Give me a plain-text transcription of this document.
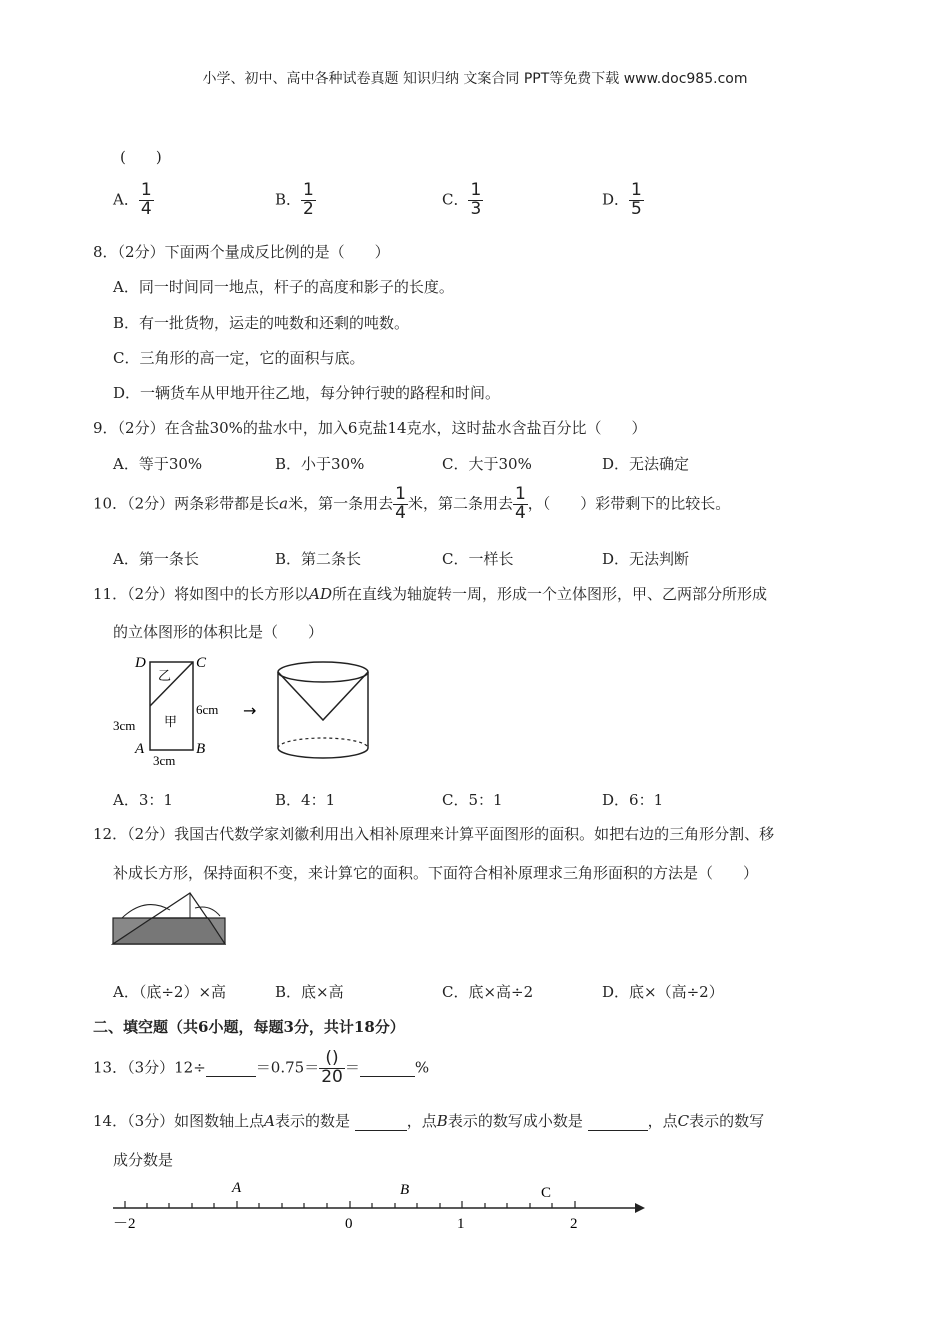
小学、初中、高中各种试卷真题 知识归纳 文案合同 PPT等免费下载 www.doc985.com
(　　)
A． $\frac{1}{4}$	B． $\frac{1}{2}$	C． $\frac{1}{3}$	D． $\frac{1}{5}$
8．（2分）下面两个量成反比例的是（　　）
A．同一时间同一地点，杆子的高度和影子的长度。
B．有一批货物，运走的吨数和还剩的吨数。
C．三角形的高一定，它的面积与底。
D．一辆货车从甲地开往乙地，每分钟行驶的路程和时间。
9．（2分）在含盐30%的盐水中，加入6克盐14克水，这时盐水含盐百分比（　　）
A．等于30%	B．小于30%	C．大于30%	D．无法确定
10．（2分）两条彩带都是长a米，第一条用去 $\frac{1}{4}$ 米，第二条用去 $\frac{1}{4}$ ，（　　）彩带剩下的比较长。
A．第一条长	B．第二条长	C．一样长	D．无法判断
11．（2分）将如图中的长方形以AD所在直线为轴旋转一周，形成一个立体图形，甲、乙两部分所形成
的立体图形的体积比是（　　）
D	C
A	B
乙
甲
3cm
3cm
6cm →
A．3：1	B．4：1	C．5：1	D．6：1
12．（2分）我国古代数学家刘徽利用出入相补原理来计算平面图形的面积。如把右边的三角形分割、移
补成长方形，保持面积不变，来计算它的面积。下面符合相补原理求三角形面积的方法是（　　）
A．（底÷2）×高	B．底×高	C．底×高÷2	D．底×（高÷2）
二、填空题（共6小题，每题3分，共计18分）
13．（3分）12÷	$=0.75= \frac{()}{20}$ ＝	%
14．（3分）如图数轴上点A表示的数是	，点B表示的数写成小数是	，点C表示的数写
成分数是
A	B	C
－2	0	1	2
